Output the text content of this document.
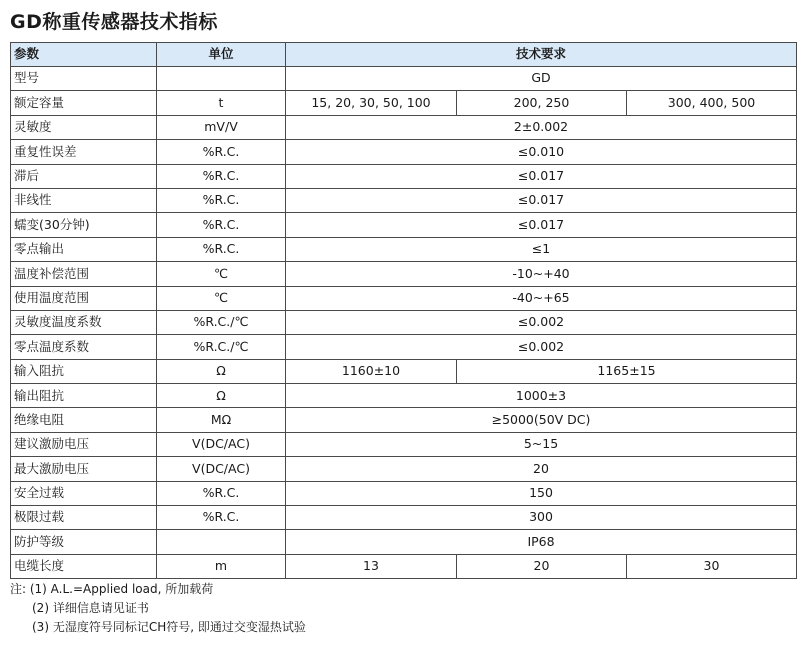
GD称重传感器技术指标
参数	单位	技术要求		
型号		GD		
额定容量	t	15, 20, 30, 50, 100	200, 250	300, 400, 500
灵敏度	mV/V	2±0.002		
重复性误差	%R.C.	≤0.010		
滞后	%R.C.	≤0.017		
非线性	%R.C.	≤0.017		
蠕变(30分钟)	%R.C.	≤0.017		
零点输出	%R.C.	≤1		
温度补偿范围	℃	-10~+40		
使用温度范围	℃	-40~+65		
灵敏度温度系数	%R.C./℃	≤0.002		
零点温度系数	%R.C./℃	≤0.002		
输入阻抗	Ω	1160±10	1165±15	
输出阻抗	Ω	1000±3		
绝缘电阻	MΩ	≥5000(50V DC)		
建议激励电压	V(DC/AC)	5~15		
最大激励电压	V(DC/AC)	20		
安全过载	%R.C.	150		
极限过载	%R.C.	300		
防护等级		IP68		
电缆长度	m	13	20	30
注: (1) A.L.=Applied load, 所加载荷
(2) 详细信息请见证书
(3) 无湿度符号同标记CH符号, 即通过交变湿热试验
